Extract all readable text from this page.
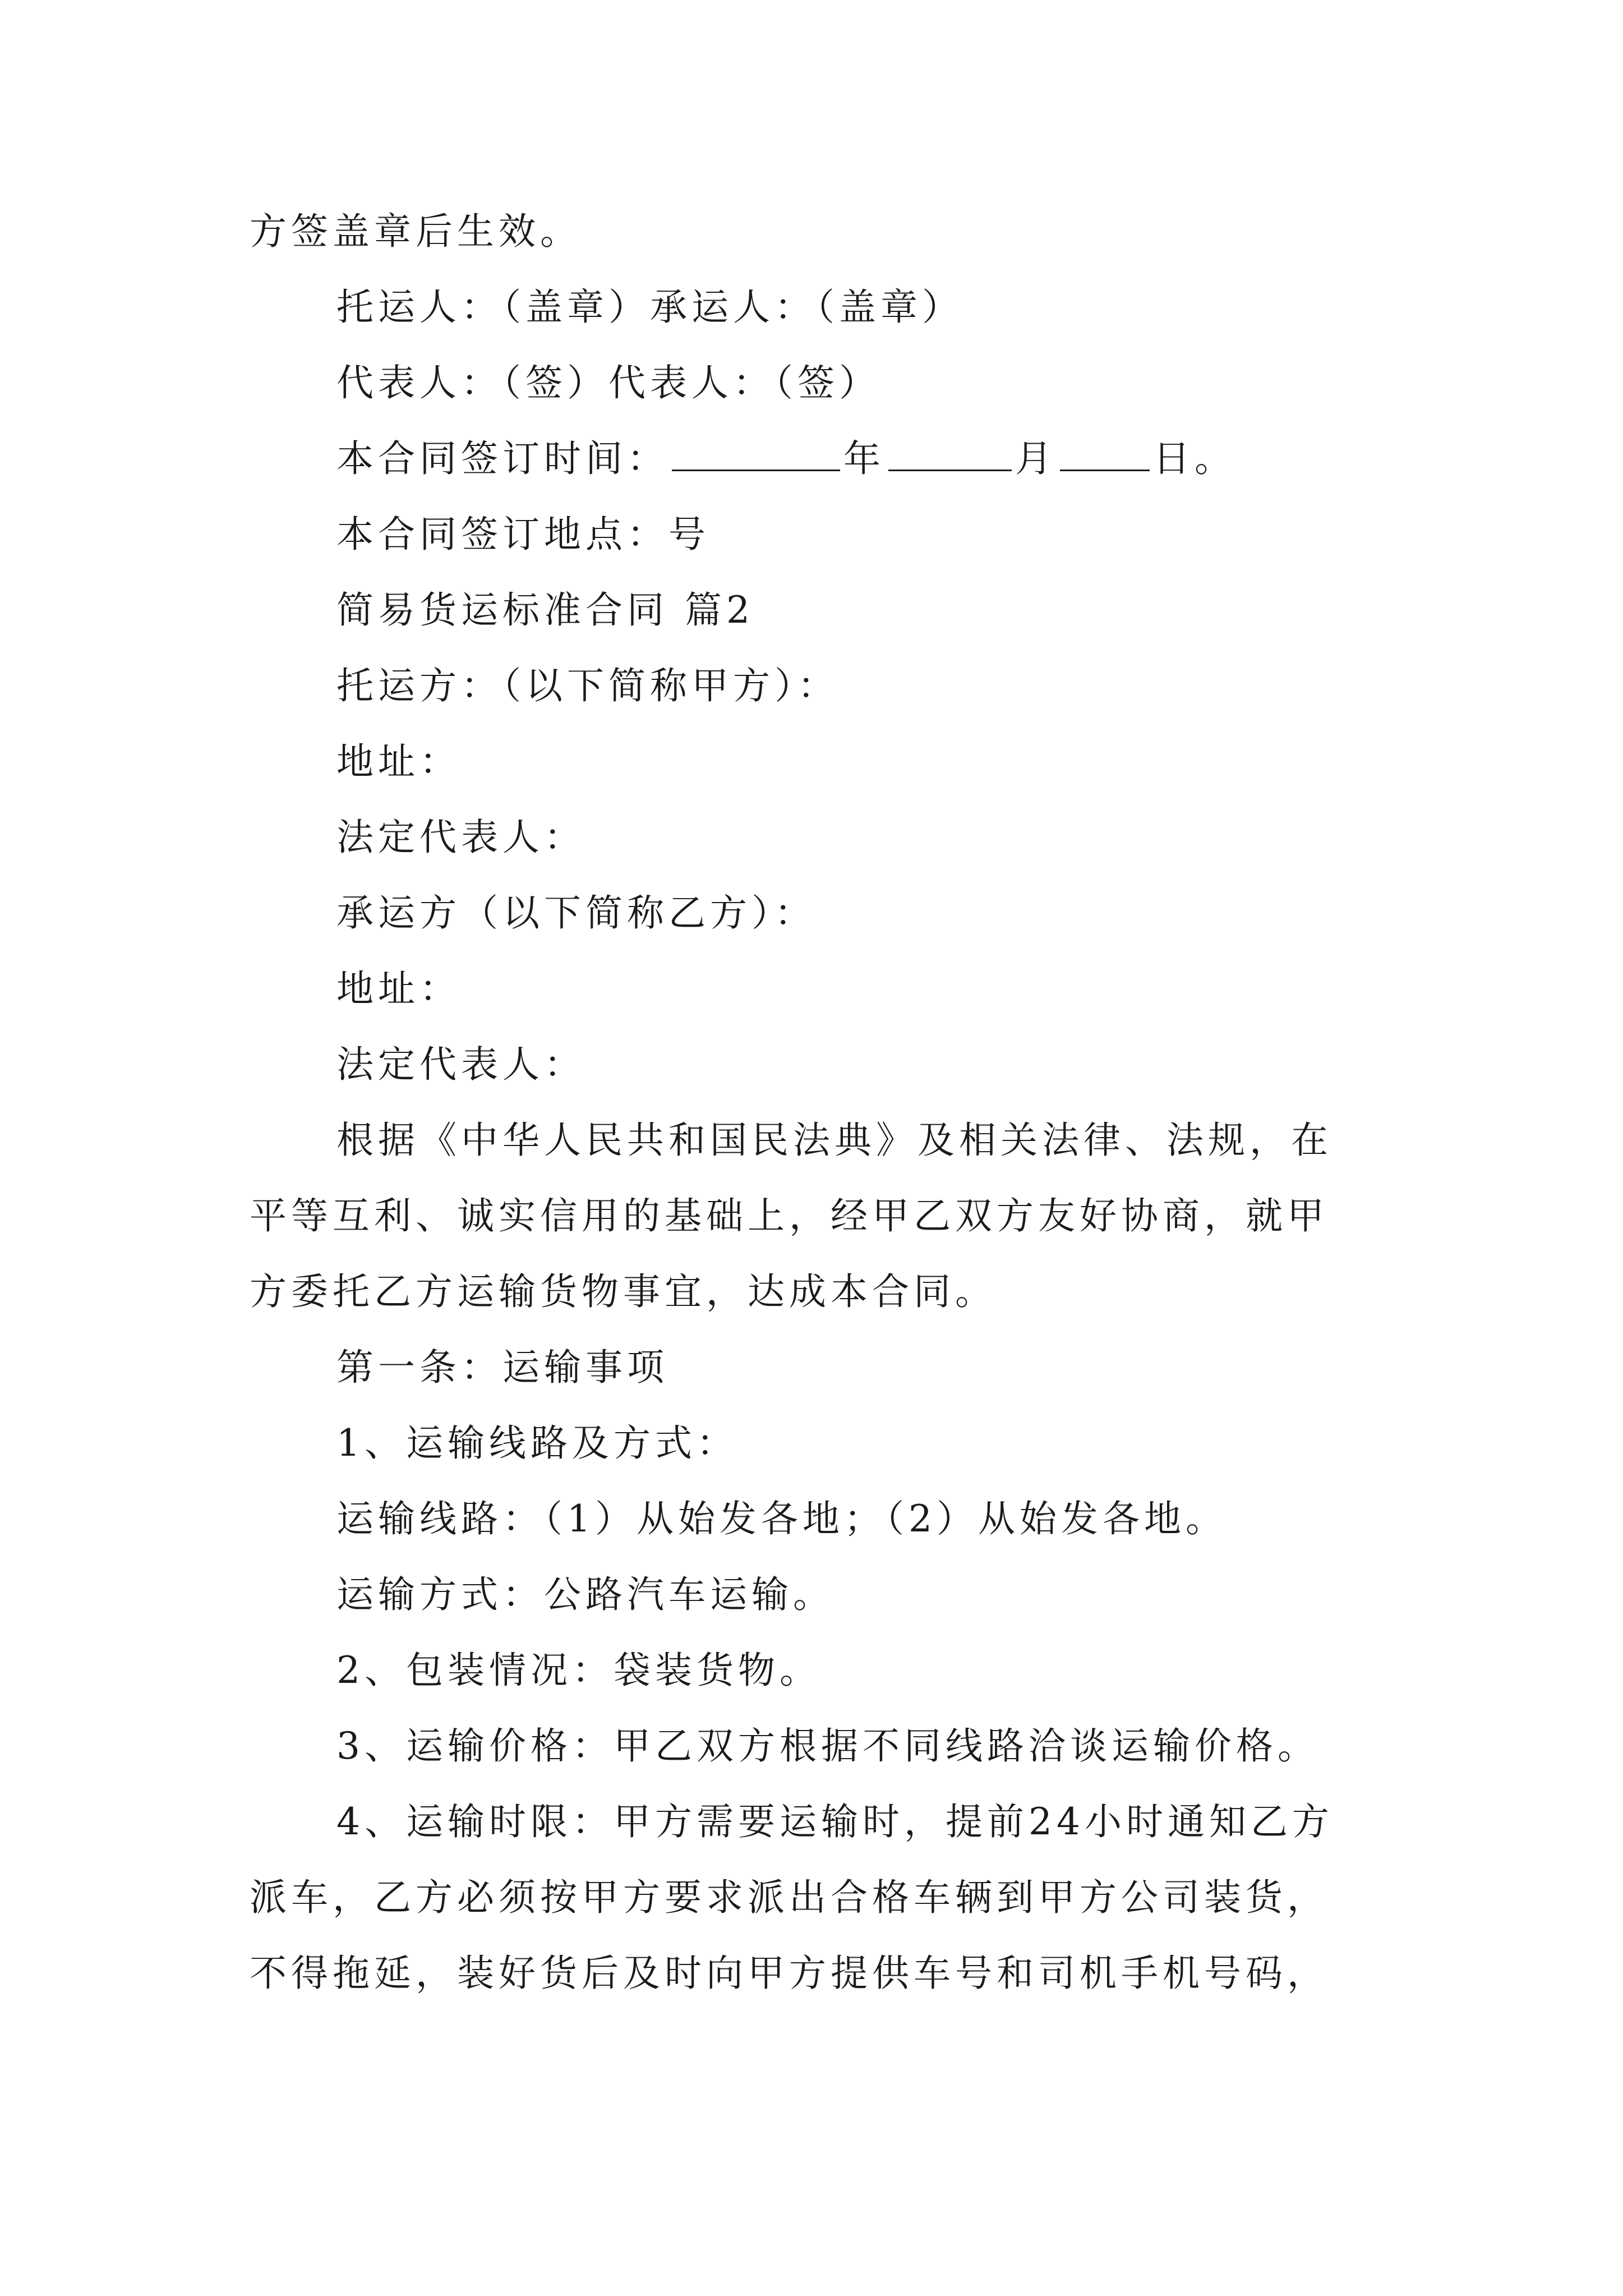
方签盖章后生效。

托运人：（盖章）承运人：（盖章）

代表人：（签）代表人：（签）

本合同签订时间：	年	月	日。

本合同签订地点：号

简易货运标准合同 篇2

托运方：（以下简称甲方）：

地址：

法定代表人：

承运方（以下简称乙方）：

地址：

法定代表人：

根据《中华人民共和国民法典》及相关法律、法规，在

平等互利、诚实信用的基础上，经甲乙双方友好协商，就甲

方委托乙方运输货物事宜，达成本合同。

第一条：运输事项

1、运输线路及方式：

运输线路：（1）从始发各地；（2）从始发各地。

运输方式：公路汽车运输。

2、包装情况：袋装货物。

3、运输价格：甲乙双方根据不同线路洽谈运输价格。

4、运输时限：甲方需要运输时，提前24小时通知乙方

派车，乙方必须按甲方要求派出合格车辆到甲方公司装货，

不得拖延，装好货后及时向甲方提供车号和司机手机号码，
